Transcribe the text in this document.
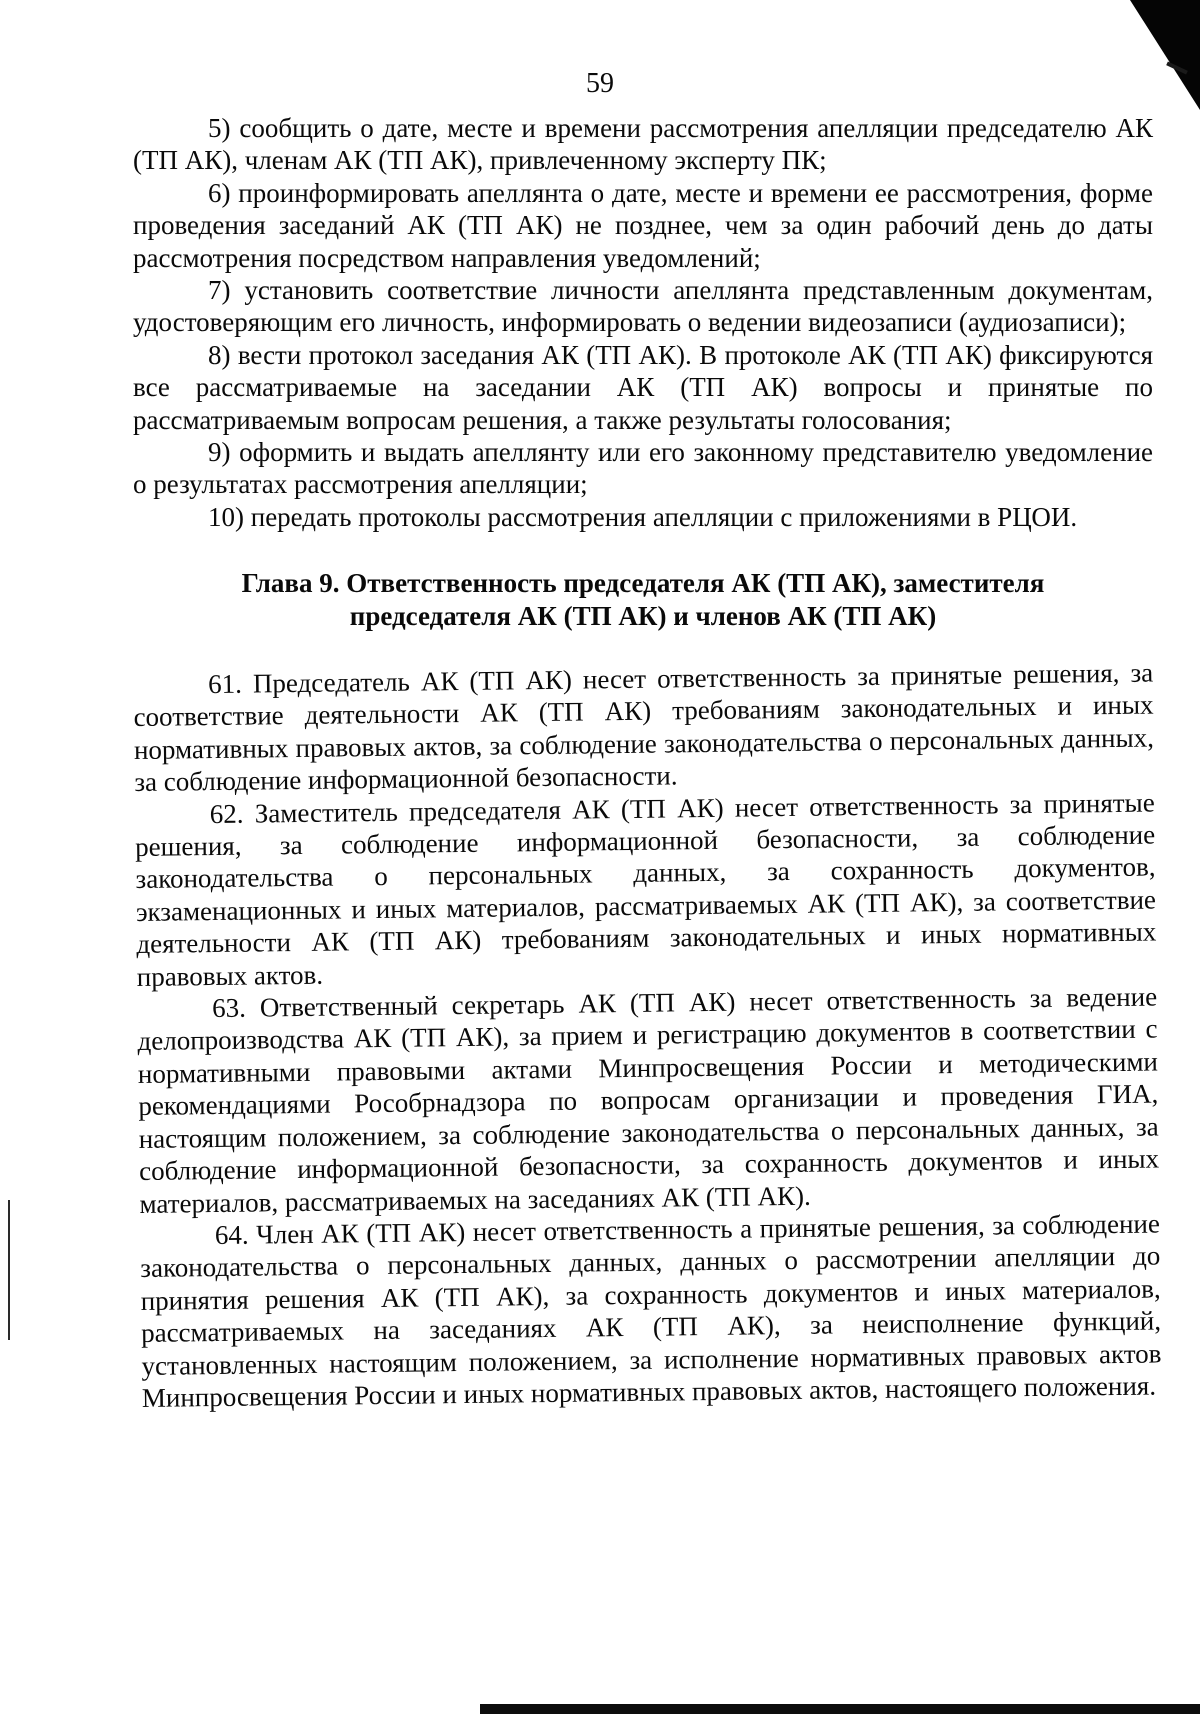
59

5) сообщить о дате, месте и времени рассмотрения апелляции председателю АК (ТП АК), членам АК (ТП АК), привлеченному эксперту ПК;

6) проинформировать апеллянта о дате, месте и времени ее рассмотрения, форме проведения заседаний АК (ТП АК) не позднее, чем за один рабочий день до даты рассмотрения посредством направления уведомлений;

7) установить соответствие личности апеллянта представленным документам, удостоверяющим его личность, информировать о ведении видеозаписи (аудиозаписи);

8) вести протокол заседания АК (ТП АК). В протоколе АК (ТП АК) фиксируются все рассматриваемые на заседании АК (ТП АК) вопросы и принятые по рассматриваемым вопросам решения, а также результаты голосования;

9) оформить и выдать апеллянту или его законному представителю уведомление о результатах рассмотрения апелляции;

10) передать протоколы рассмотрения апелляции с приложениями в РЦОИ.

Глава 9. Ответственность председателя АК (ТП АК), заместителя
председателя АК (ТП АК) и членов АК (ТП АК)

61. Председатель АК (ТП АК) несет ответственность за принятые решения, за соответствие деятельности АК (ТП АК) требованиям законодательных и иных нормативных правовых актов, за соблюдение законодательства о персональных данных, за соблюдение информационной безопасности.

62. Заместитель председателя АК (ТП АК) несет ответственность за принятые решения, за соблюдение информационной безопасности, за соблюдение законодательства о персональных данных, за сохранность документов, экзаменационных и иных материалов, рассматриваемых АК (ТП АК), за соответствие деятельности АК (ТП АК) требованиям законодательных и иных нормативных правовых актов.

63. Ответственный секретарь АК (ТП АК) несет ответственность за ведение делопроизводства АК (ТП АК), за прием и регистрацию документов в соответствии с нормативными правовыми актами Минпросвещения России и методическими рекомендациями Рособрнадзора по вопросам организации и проведения ГИА, настоящим положением, за соблюдение законодательства о персональных данных, за соблюдение информационной безопасности, за сохранность документов и иных материалов, рассматриваемых на заседаниях АК (ТП АК).

64. Член АК (ТП АК) несет ответственность а принятые решения, за соблюдение законодательства о персональных данных, данных о рассмотрении апелляции до принятия решения АК (ТП АК), за сохранность документов и иных материалов, рассматриваемых на заседаниях АК (ТП АК), за неисполнение функций, установленных настоящим положением, за исполнение нормативных правовых актов Минпросвещения России и иных нормативных правовых актов, настоящего положения.
